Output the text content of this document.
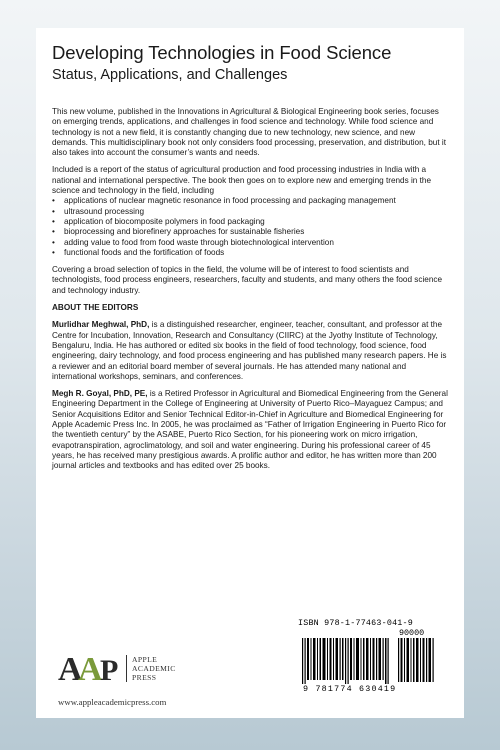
Developing Technologies in Food Science
Status, Applications, and Challenges

This new volume, published in the Innovations in Agricultural & Biological Engineering book series, focuses on emerging trends, applications, and challenges in food science and technology. While food science and technology is not a new field, it is constantly changing due to new technology, new science, and new demands. This multidisciplinary book not only considers food processing, preservation, and distribution, but it also takes into account the consumer’s wants and needs.

Included is a report of the status of agricultural production and food processing industries in India with a national and international perspective. The book then goes on to explore new and emerging trends in the science and technology in the field, including

• applications of nuclear magnetic resonance in food processing and packaging management
• ultrasound processing
• application of biocomposite polymers in food packaging
• bioprocessing and biorefinery approaches for sustainable fisheries
• adding value to food from food waste through biotechnological intervention
• functional foods and the fortification of foods

Covering a broad selection of topics in the field, the volume will be of interest to food scientists and technologists, food process engineers, researchers, faculty and students, and many others the food science and technology industry.

ABOUT THE EDITORS

Murlidhar Meghwal, PhD, is a distinguished researcher, engineer, teacher, consultant, and professor at the Centre for Incubation, Innovation, Research and Consultancy (CIIRC) at the Jyothy Institute of Technology, Bengaluru, India. He has authored or edited six books in the field of food technology, food science, food engineering, dairy technology, and food process engineering and has published many research papers. He is a reviewer and an editorial board member of several journals. He has attended many national and international workshops, seminars, and conferences.

Megh R. Goyal, PhD, PE, is a Retired Professor in Agricultural and Biomedical Engineering from the General Engineering Department in the College of Engineering at University of Puerto Rico–Mayaguez Campus; and Senior Acquisitions Editor and Senior Technical Editor-in-Chief in Agriculture and Biomedical Engineering for Apple Academic Press Inc. In 2005, he was proclaimed as “Father of Irrigation Engineering in Puerto Rico for the twentieth century” by the ASABE, Puerto Rico Section, for his pioneering work on micro irrigation, evapotranspiration, agroclimatology, and soil and water engineering. During his professional career of 45 years, he has received many prestigious awards. A prolific author and editor, he has written more than 200 journal articles and textbooks and has edited over 25 books.

ISBN 978-1-77463-041-9
90000
9 781774 630419
A
A
P APPLE
ACADEMIC
PRESS
www.appleacademicpress.com
